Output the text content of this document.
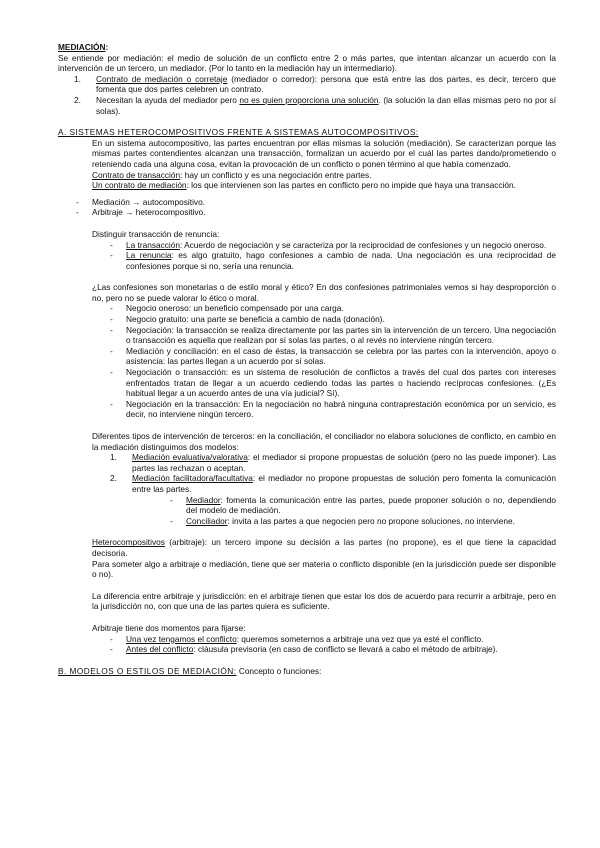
MEDIACIÓN:

Se entiende por mediación: el medio de solución de un conflicto entre 2 o más partes, que intentan alcanzar un acuerdo con la intervención de un tercero, un mediador. (Por lo tanto en la mediación hay un intermediario).

1.	Contrato de mediación o corretaje (mediador o corredor): persona que está entre las dos partes, es decir, tercero que fomenta que dos partes celebren un contrato.

2.	Necesitan la ayuda del mediador pero no es quien proporciona una solución. (la solución la dan ellas mismas pero no por sí solas).

A. SISTEMAS HETEROCOMPOSITIVOS FRENTE A SISTEMAS AUTOCOMPOSITIVOS:

En un sistema autocompositivo, las partes encuentran por ellas mismas la solución (mediación). Se caracterizan porque las mismas partes contendientes alcanzan una transacción, formalizan un acuerdo por el cuál las partes dando/prometiendo o reteniendo cada una alguna cosa, evitan la provocación de un conflicto o ponen término al que había comenzado.

Contrato de transacción: hay un conflicto y es una negociación entre partes.

Un contrato de mediación: los que intervienen son las partes en conflicto pero no impide que haya una transacción.

-	Mediación → autocompositivo.
-	Arbitraje → heterocompositivo.

Distinguir transacción de renuncia:

-	La transacción: Acuerdo de negociación y se caracteriza por la reciprocidad de confesiones y un negocio oneroso.

-	La renuncia: es algo gratuito, hago confesiones a cambio de nada. Una negociación es una reciprocidad de confesiones porque si no, sería una renuncia.

¿Las confesiones son monetarias o de estilo moral y ético? En dos confesiones patrimoniales vemos si hay desproporción o no, pero no se puede valorar lo ético o moral.

-	Negocio oneroso: un beneficio compensado por una carga.

-	Negocio gratuito: una parte se beneficia a cambio de nada (donación).

-	Negociación: la transacción se realiza directamente por las partes sin la intervención de un tercero. Una negociación o transacción es aquella que realizan por sí solas las partes, o al revés no interviene ningún tercero.

-	Mediación y conciliación: en el caso de éstas, la transacción se celebra por las partes con la intervención, apoyo o asistencia: las partes llegan a un acuerdo por sí solas.

-	Negociación o transacción: es un sistema de resolución de conflictos a través del cual dos partes con intereses enfrentados tratan de llegar a un acuerdo cediendo todas las partes o haciendo recíprocas confesiones. (¿Es habitual llegar a un acuerdo antes de una vía judicial? Sí).

-	Negociación en la transacción: En la negociación no habrá ninguna contraprestación económica por un servicio, es decir, no interviene ningún tercero.

Diferentes tipos de intervención de terceros: en la conciliación, el conciliador no elabora soluciones de conflicto, en cambio en la mediación distinguimos dos modelos:

1.	Mediación evaluativa/valorativa: el mediador si propone propuestas de solución (pero no las puede imponer). Las partes las rechazan o aceptan.

2.	Mediación facilitadora/facultativa: el mediador no propone propuestas de solución pero fomenta la comunicación entre las partes.

-	Mediador: fomenta la comunicación entre las partes, puede proponer solución o no, dependiendo del modelo de mediación.

-	Conciliador: invita a las partes a que negocien pero no propone soluciones, no interviene.

Heterocompositivos (arbitraje): un tercero impone su decisión a las partes (no propone), es el que tiene la capacidad decisoria.

Para someter algo a arbitraje o mediación, tiene que ser materia o conflicto disponible (en la jurisdicción puede ser disponible o no).

La diferencia entre arbitraje y jurisdicción: en el arbitraje tienen que estar los dos de acuerdo para recurrir a arbitraje, pero en la jurisdicción no, con que una de las partes quiera es suficiente.

Arbitraje tiene dos momentos para fijarse:

-	Una vez tengamos el conflicto: queremos someternos a arbitraje una vez que ya esté el conflicto.

-	Antes del conflicto: cláusula previsoria (en caso de conflicto se llevará a cabo el método de arbitraje).

B. MODELOS O ESTILOS DE MEDIACIÓN: Concepto o funciones:
